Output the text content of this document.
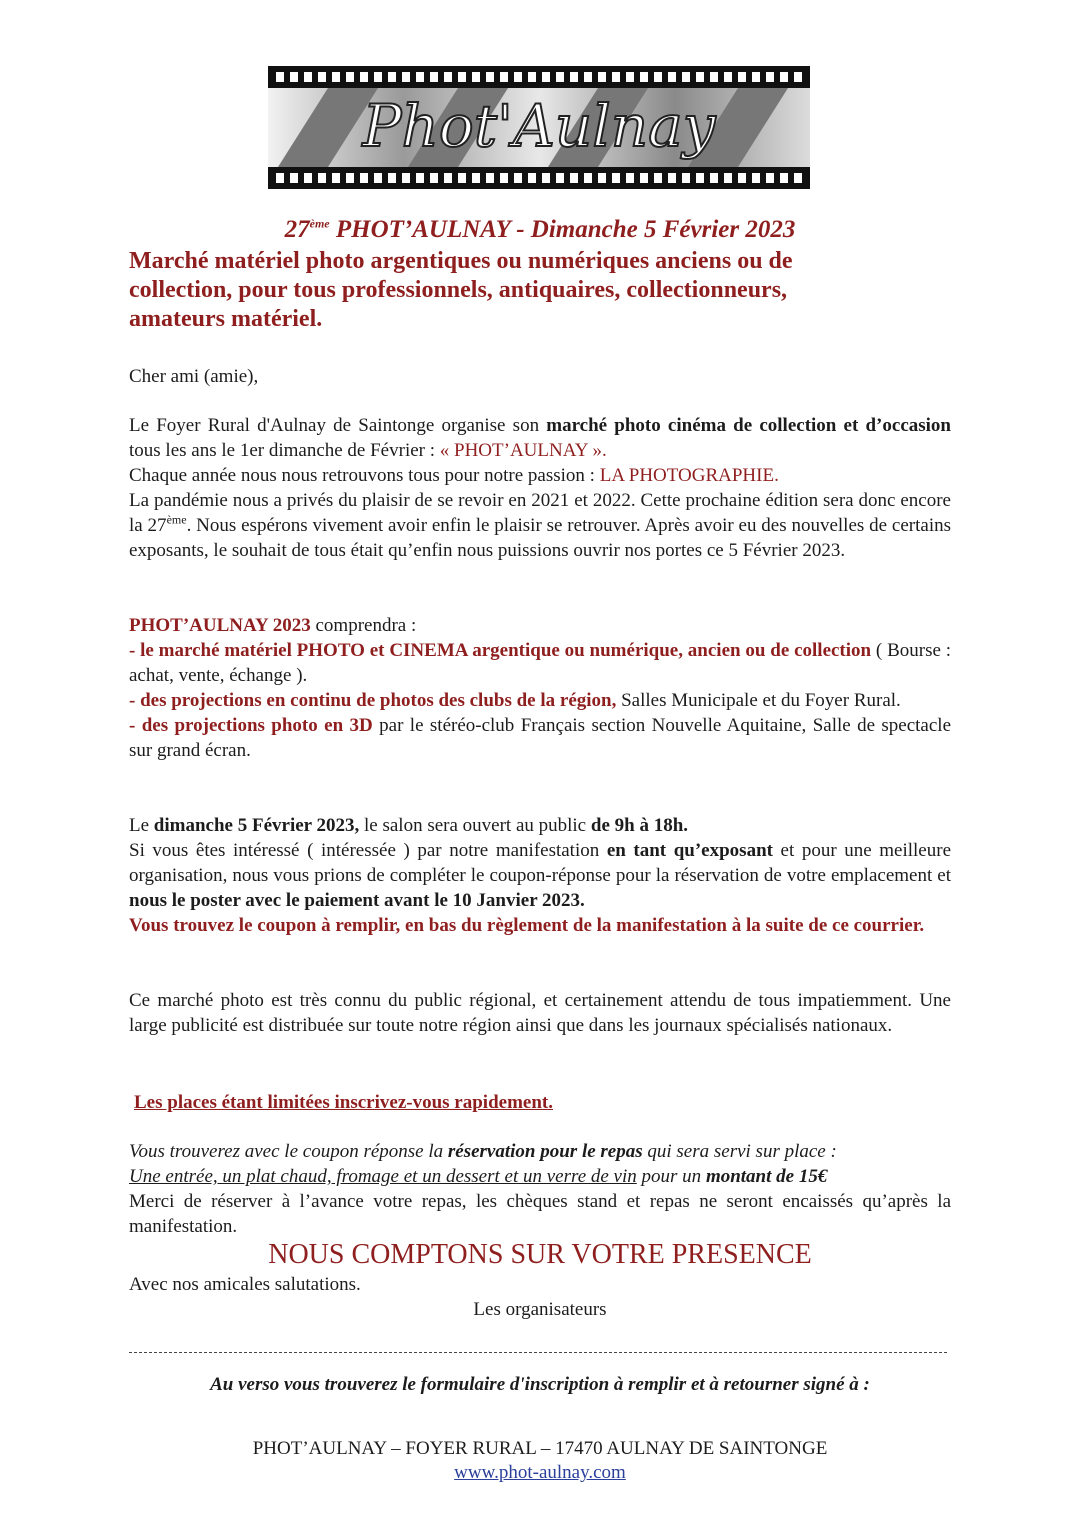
Phot'Aulnay
27ème PHOT’AULNAY - Dimanche 5 Février 2023
Marché matériel photo argentiques ou numériques anciens ou de
collection, pour tous professionnels, antiquaires, collectionneurs,
amateurs matériel.

Cher ami (amie),

Le Foyer Rural d'Aulnay de Saintonge organise son marché photo cinéma de collection et d’occasion tous les ans le 1er dimanche de Février : « PHOT’AULNAY ».
Chaque année nous nous retrouvons tous pour notre passion : LA PHOTOGRAPHIE.
La pandémie nous a privés du plaisir de se revoir en 2021 et 2022. Cette prochaine édition sera donc encore la 27ème. Nous espérons vivement avoir enfin le plaisir se retrouver. Après avoir eu des nouvelles de certains exposants, le souhait de tous était qu’enfin nous puissions ouvrir nos portes ce 5 Février 2023.

PHOT’AULNAY 2023 comprendra :
- le marché matériel PHOTO et CINEMA argentique ou numérique, ancien ou de collection ( Bourse : achat, vente, échange ).
- des projections en continu de photos des clubs de la région, Salles Municipale et du Foyer Rural.
- des projections photo en 3D par le stéréo-club Français section Nouvelle Aquitaine, Salle de spectacle sur grand écran.

Le dimanche 5 Février 2023, le salon sera ouvert au public de 9h à 18h.
Si vous êtes intéressé ( intéressée ) par notre manifestation en tant qu’exposant et pour une meilleure organisation, nous vous prions de compléter le coupon-réponse pour la réservation de votre emplacement et nous le poster avec le paiement avant le 10 Janvier 2023.
Vous trouvez le coupon à remplir, en bas du règlement de la manifestation à la suite de ce courrier.

Ce marché photo est très connu du public régional, et certainement attendu de tous impatiemment. Une large publicité est distribuée sur toute notre région ainsi que dans les journaux spécialisés nationaux.

Les places étant limitées inscrivez-vous rapidement.

Vous trouverez avec le coupon réponse la réservation pour le repas qui sera servi sur place :
Une entrée, un plat chaud, fromage et un dessert et un verre de vin pour un montant de 15€
Merci de réserver à l’avance votre repas, les chèques stand et repas ne seront encaissés qu’après la manifestation.

NOUS COMPTONS SUR VOTRE PRESENCE

Avec nos amicales salutations.

Les organisateurs

Au verso vous trouverez le formulaire d'inscription à remplir et à retourner signé à :
PHOT’AULNAY – FOYER RURAL – 17470 AULNAY DE SAINTONGE
www.phot-aulnay.com
